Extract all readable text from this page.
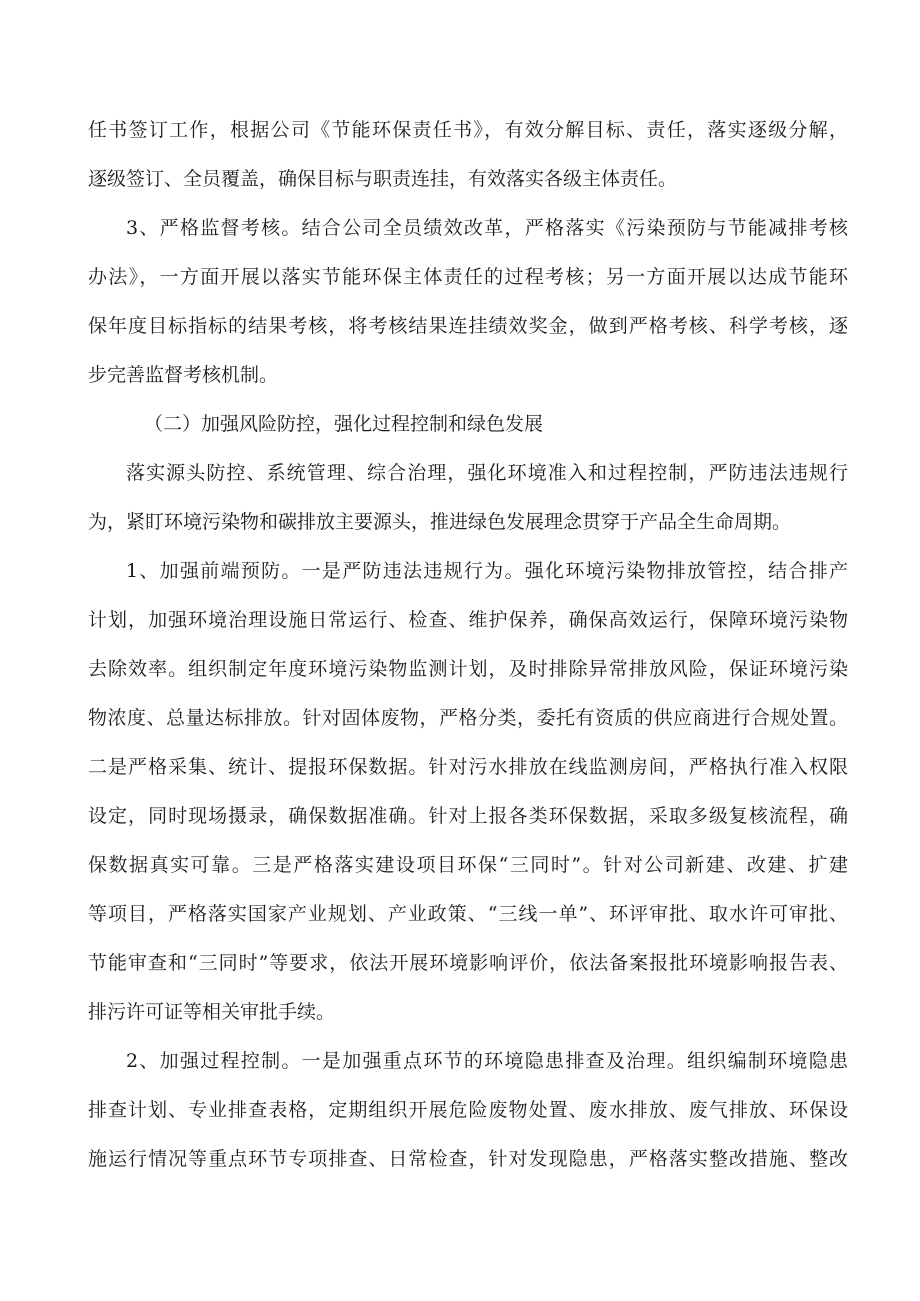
任书签订工作，根据公司《节能环保责任书》，有效分解目标、责任，落实逐级分解，

逐级签订、全员覆盖，确保目标与职责连挂，有效落实各级主体责任。

3、严格监督考核。结合公司全员绩效改革，严格落实《污染预防与节能减排考核

办法》，一方面开展以落实节能环保主体责任的过程考核；另一方面开展以达成节能环

保年度目标指标的结果考核，将考核结果连挂绩效奖金，做到严格考核、科学考核，逐

步完善监督考核机制。

（二）加强风险防控，强化过程控制和绿色发展

落实源头防控、系统管理、综合治理，强化环境准入和过程控制，严防违法违规行

为，紧盯环境污染物和碳排放主要源头，推进绿色发展理念贯穿于产品全生命周期。

1、加强前端预防。一是严防违法违规行为。强化环境污染物排放管控，结合排产

计划，加强环境治理设施日常运行、检查、维护保养，确保高效运行，保障环境污染物

去除效率。组织制定年度环境污染物监测计划，及时排除异常排放风险，保证环境污染

物浓度、总量达标排放。针对固体废物，严格分类，委托有资质的供应商进行合规处置。

二是严格采集、统计、提报环保数据。针对污水排放在线监测房间，严格执行准入权限

设定，同时现场摄录，确保数据准确。针对上报各类环保数据，采取多级复核流程，确

保数据真实可靠。三是严格落实建设项目环保“三同时”。针对公司新建、改建、扩建

等项目，严格落实国家产业规划、产业政策、“三线一单”、环评审批、取水许可审批、

节能审查和“三同时”等要求，依法开展环境影响评价，依法备案报批环境影响报告表、

排污许可证等相关审批手续。

2、加强过程控制。一是加强重点环节的环境隐患排查及治理。组织编制环境隐患

排查计划、专业排查表格，定期组织开展危险废物处置、废水排放、废气排放、环保设

施运行情况等重点环节专项排查、日常检查，针对发现隐患，严格落实整改措施、整改
